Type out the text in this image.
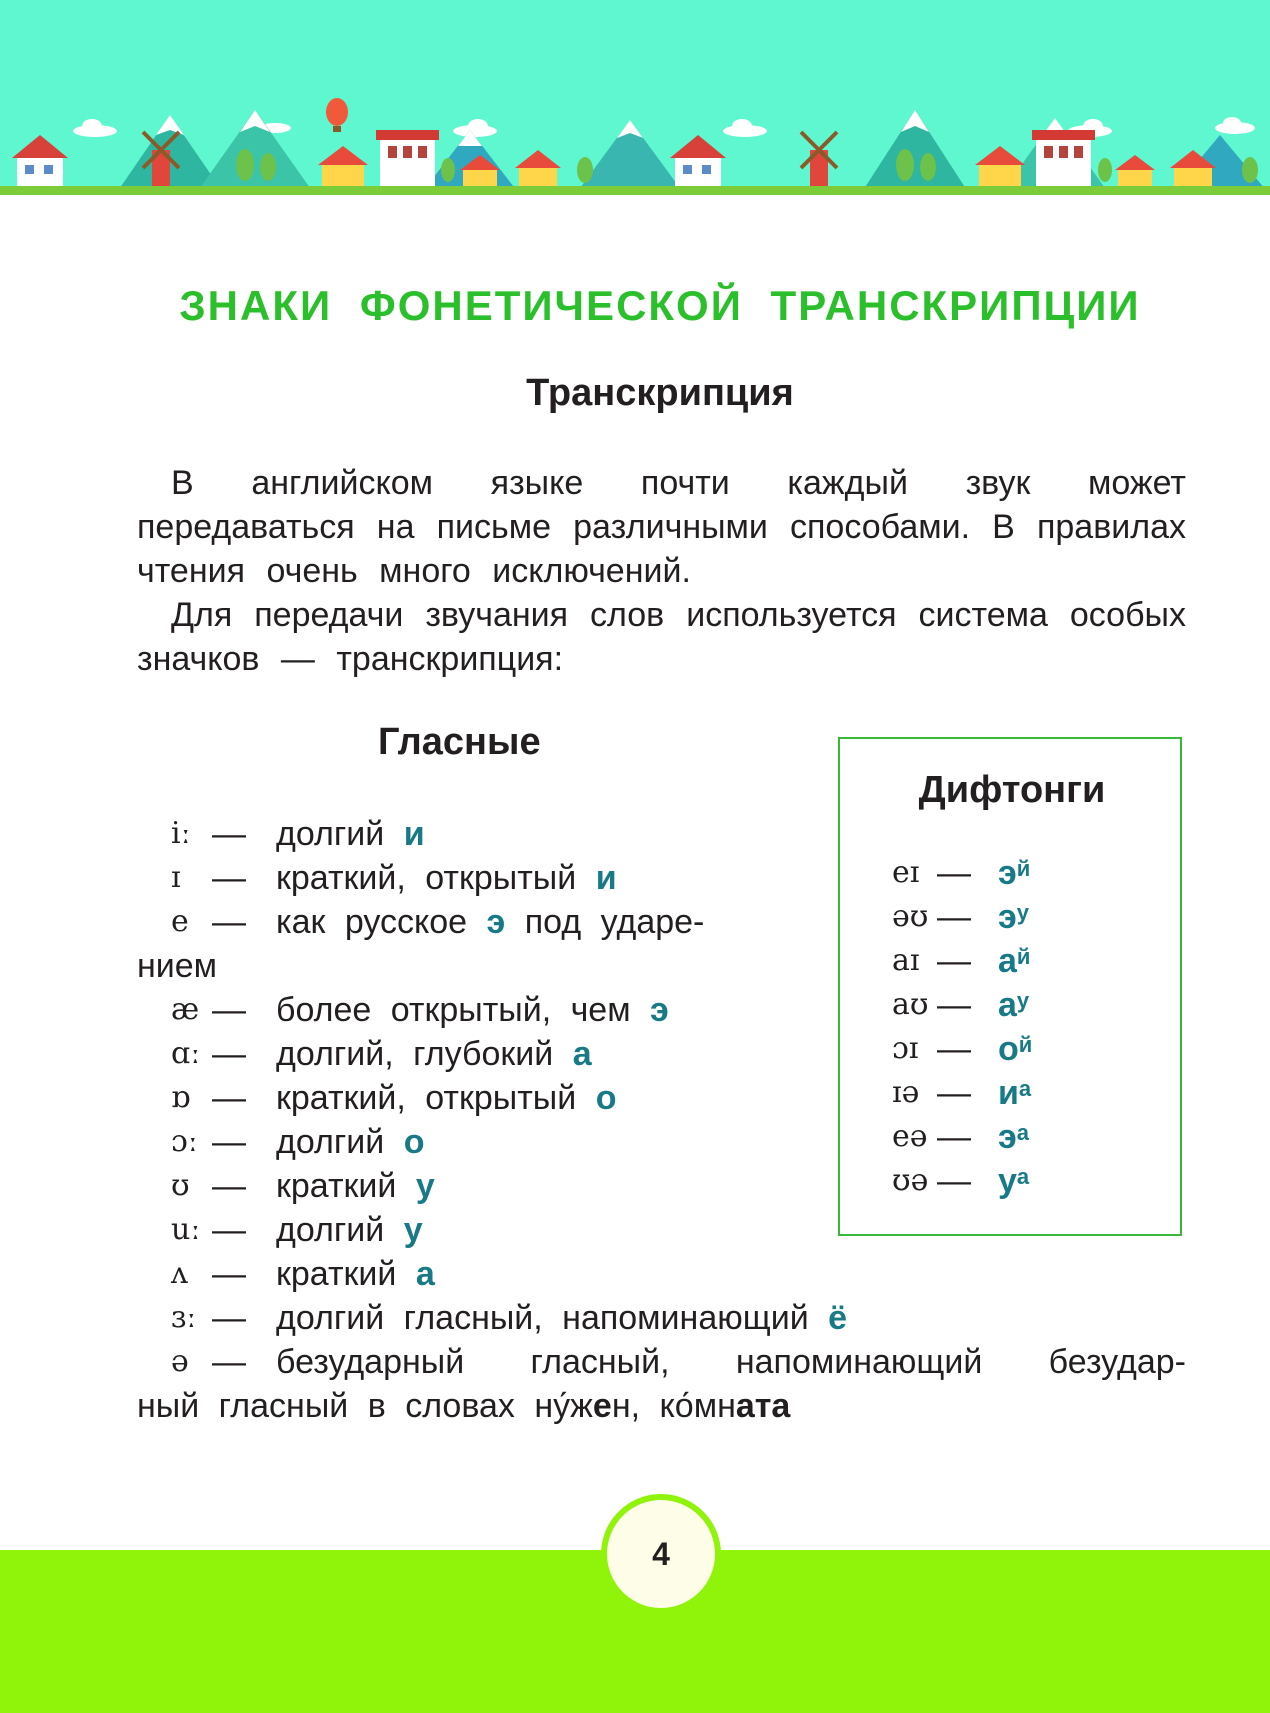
ЗНАКИ ФОНЕТИЧЕСКОЙ ТРАНСКРИПЦИИ
Транскрипция

В английском языке почти каждый звук может передаваться на письме различными способами. В правилах чтения очень много исключений.

Для передачи звучания слов используется система особых значков — транскрипция:

Гласные
iː — долгий и
ɪ — краткий, открытый и
e — как русское э под ударе-
нием
æ — более открытый, чем э
ɑː — долгий, глубокий а
ɒ — краткий, открытый о
ɔː — долгий о
ʊ — краткий у
uː — долгий у
ʌ — краткий а
ɜː — долгий гласный, напоминающий ё
ə — безударный гласный, напоминающий безудар-
ный гласный в словах ну́жен, ко́мната
Дифтонги
eɪ — $э^й$
əʊ — $э^у$
aɪ — $а^й$
aʊ — $а^у$
ɔɪ — $о^й$
ɪə — $и^а$
eə — $э^а$
ʊə — $у^а$
4
